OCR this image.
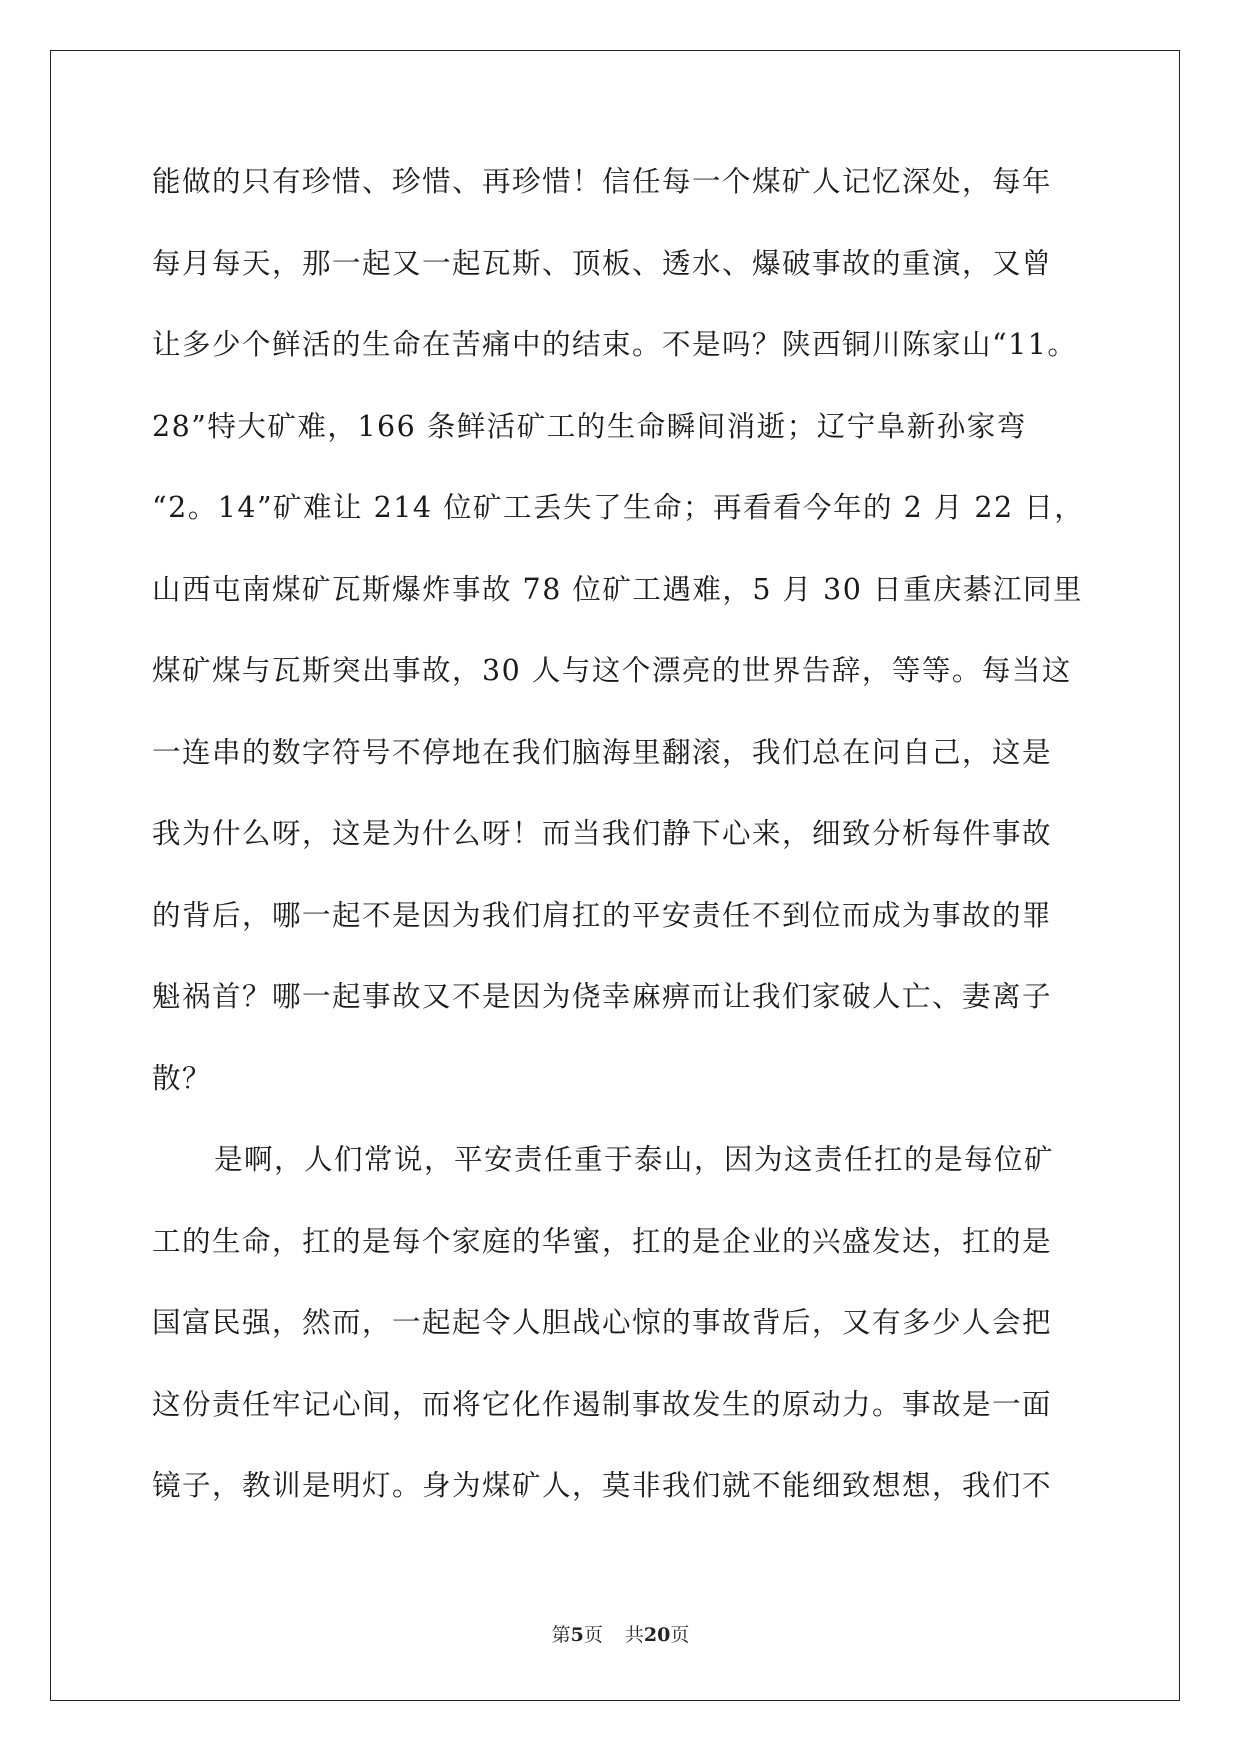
能做的只有珍惜、珍惜、再珍惜！信任每一个煤矿人记忆深处，每年
每月每天，那一起又一起瓦斯、顶板、透水、爆破事故的重演，又曾
让多少个鲜活的生命在苦痛中的结束。不是吗？陕西铜川陈家山“11。
28”特大矿难，166 条鲜活矿工的生命瞬间消逝；辽宁阜新孙家弯
“2。14”矿难让 214 位矿工丢失了生命；再看看今年的 2 月 22 日，
山西屯南煤矿瓦斯爆炸事故 78 位矿工遇难，5 月 30 日重庆綦江同里
煤矿煤与瓦斯突出事故，30 人与这个漂亮的世界告辞，等等。每当这
一连串的数字符号不停地在我们脑海里翻滚，我们总在问自己，这是
我为什么呀，这是为什么呀！而当我们静下心来，细致分析每件事故
的背后，哪一起不是因为我们肩扛的平安责任不到位而成为事故的罪
魁祸首？哪一起事故又不是因为侥幸麻痹而让我们家破人亡、妻离子
散？
是啊，人们常说，平安责任重于泰山，因为这责任扛的是每位矿
工的生命，扛的是每个家庭的华蜜，扛的是企业的兴盛发达，扛的是
国富民强，然而，一起起令人胆战心惊的事故背后，又有多少人会把
这份责任牢记心间，而将它化作遏制事故发生的原动力。事故是一面
镜子，教训是明灯。身为煤矿人，莫非我们就不能细致想想，我们不
第5页 共20页
